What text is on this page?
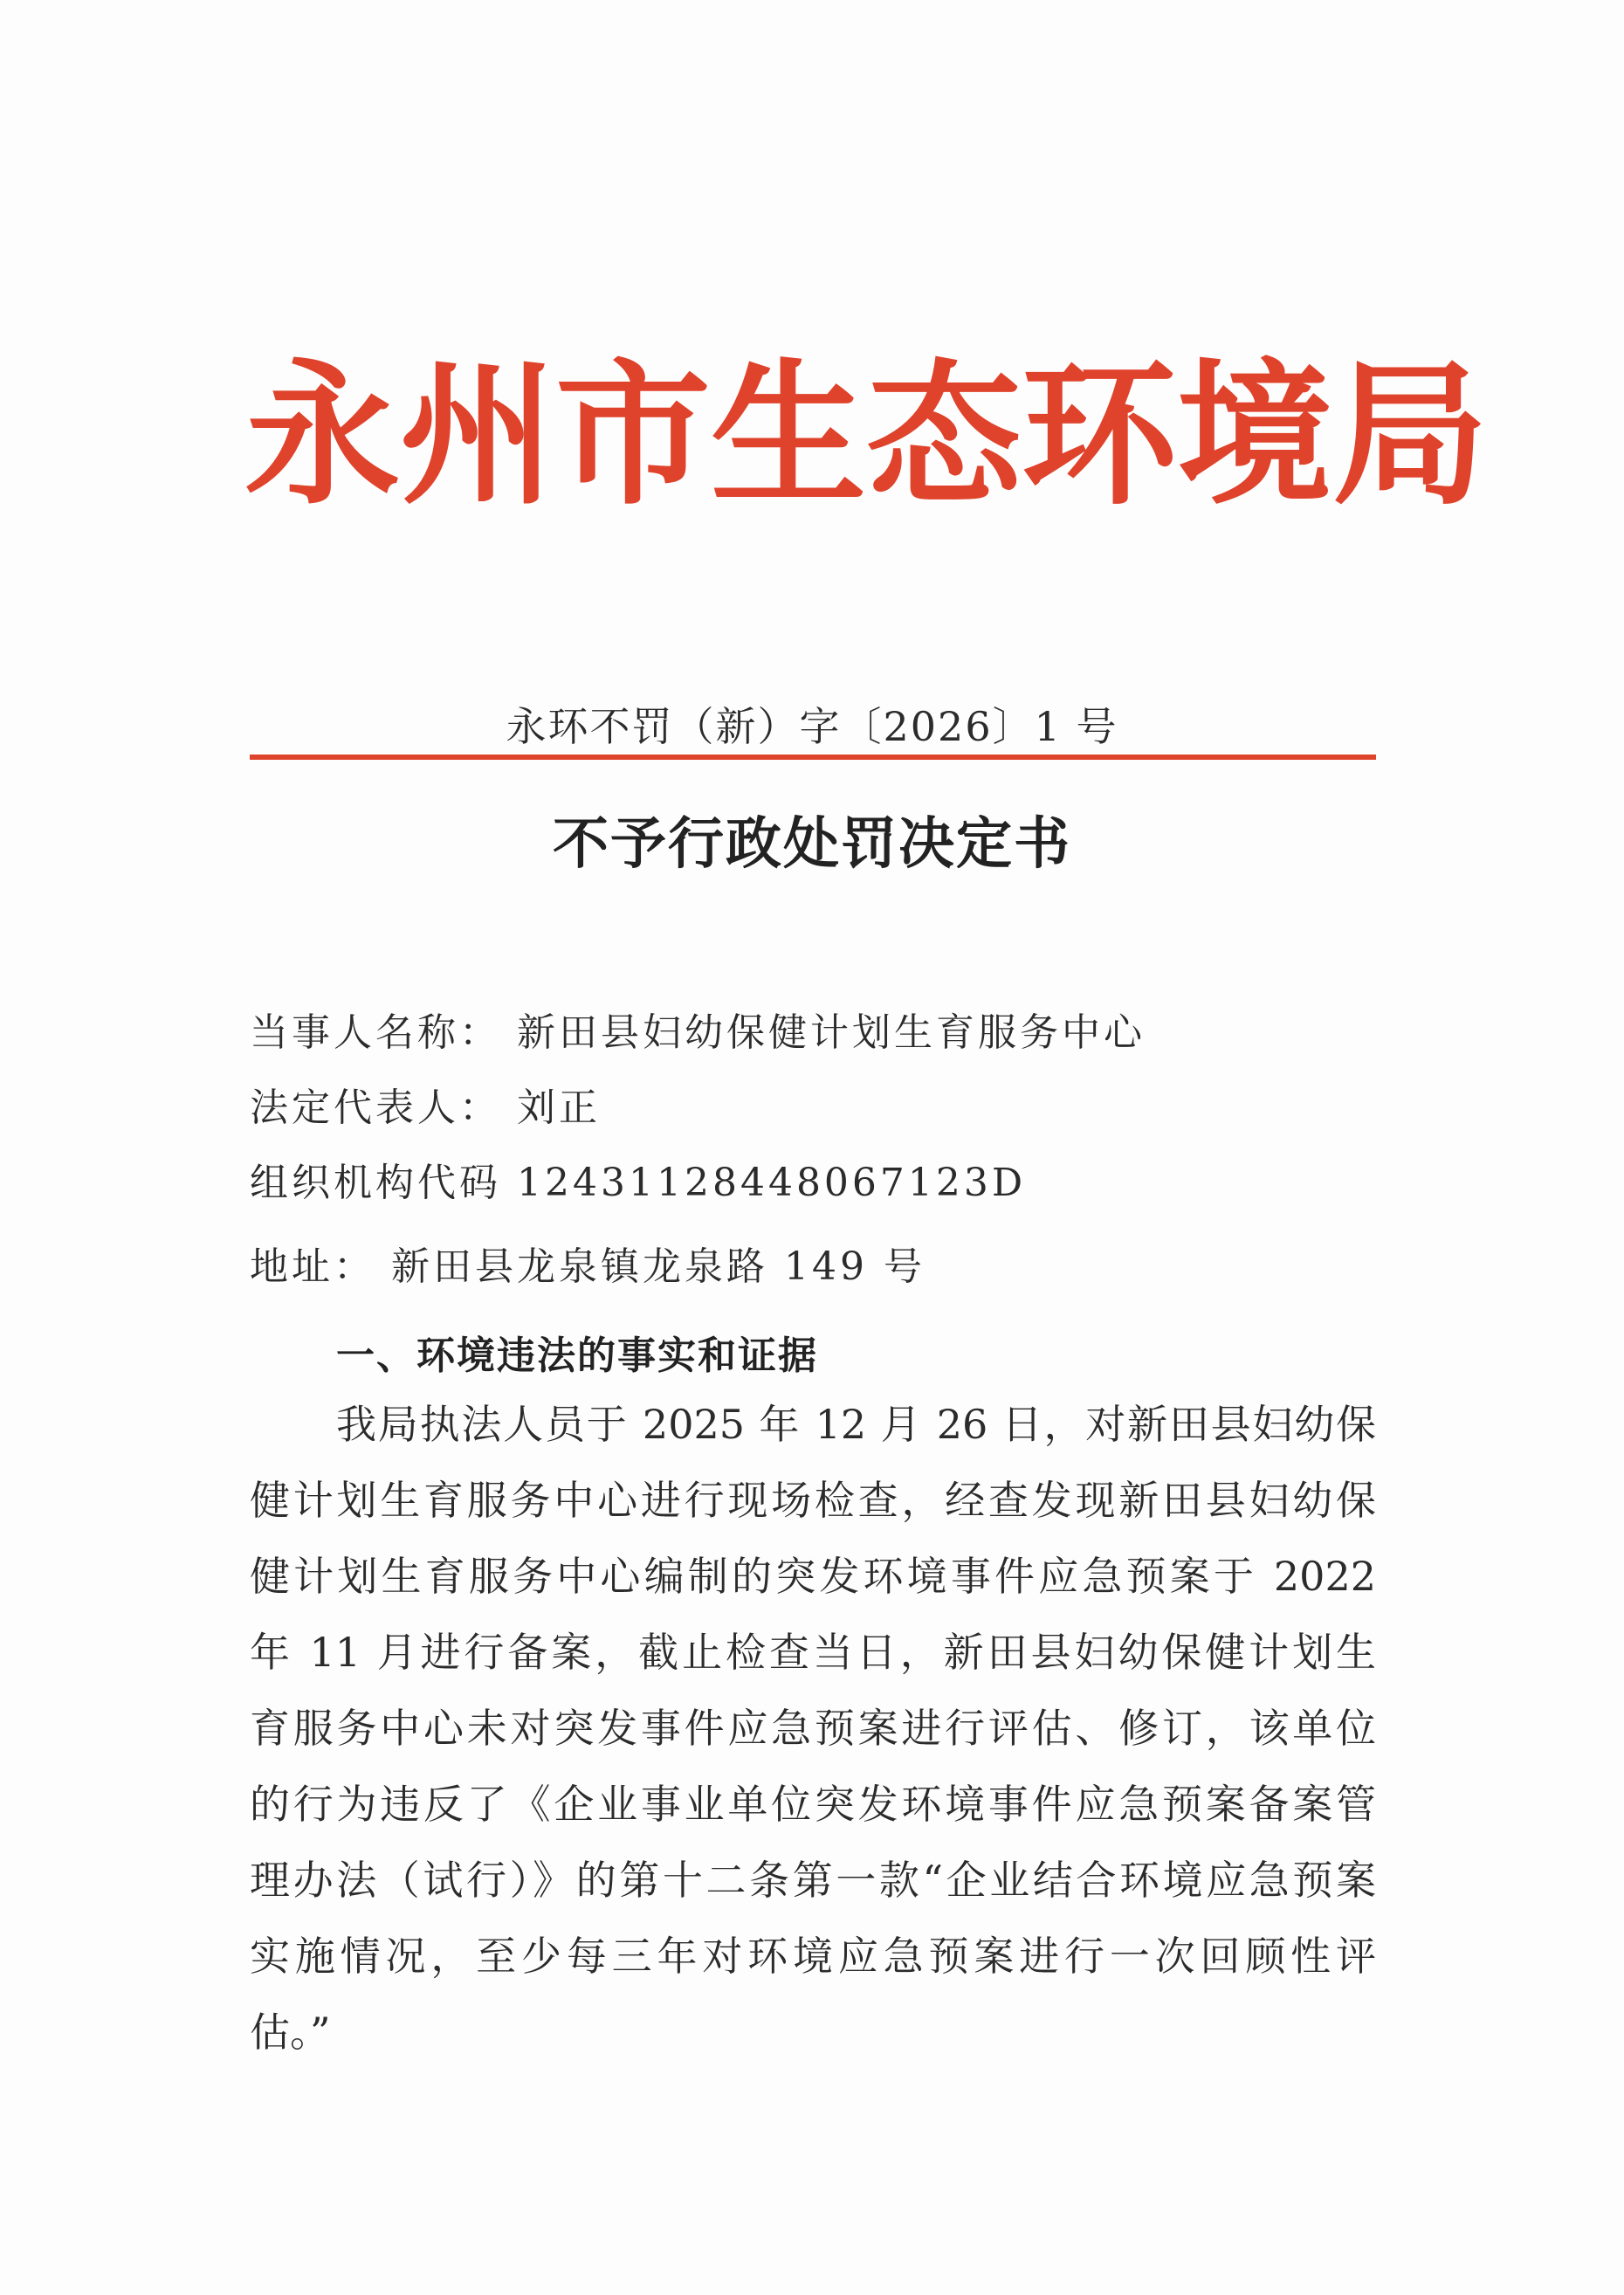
永 州 市 生 态 环 境 局
永环不罚（新）字〔2026〕1 号
不予行政处罚决定书
当事人名称： 新田县妇幼保健计划生育服务中心
法定代表人： 刘正
组织机构代码 12431128448067123D
地址： 新田县龙泉镇龙泉路 149 号
一、环境违法的事实和证据
我局执法人员于 2025 年 12 月 26 日，对新田县妇幼保
健计划生育服务中心进行现场检查，经查发现新田县妇幼保
健计划生育服务中心编制的突发环境事件应急预案于 2022
年 11 月进行备案，截止检查当日，新田县妇幼保健计划生
育服务中心未对突发事件应急预案进行评估、修订，该单位
的行为违反了《企业事业单位突发环境事件应急预案备案管
理办法（试行）》的第十二条第一款“企业结合环境应急预案
实施情况，至少每三年对环境应急预案进行一次回顾性评
估。”
